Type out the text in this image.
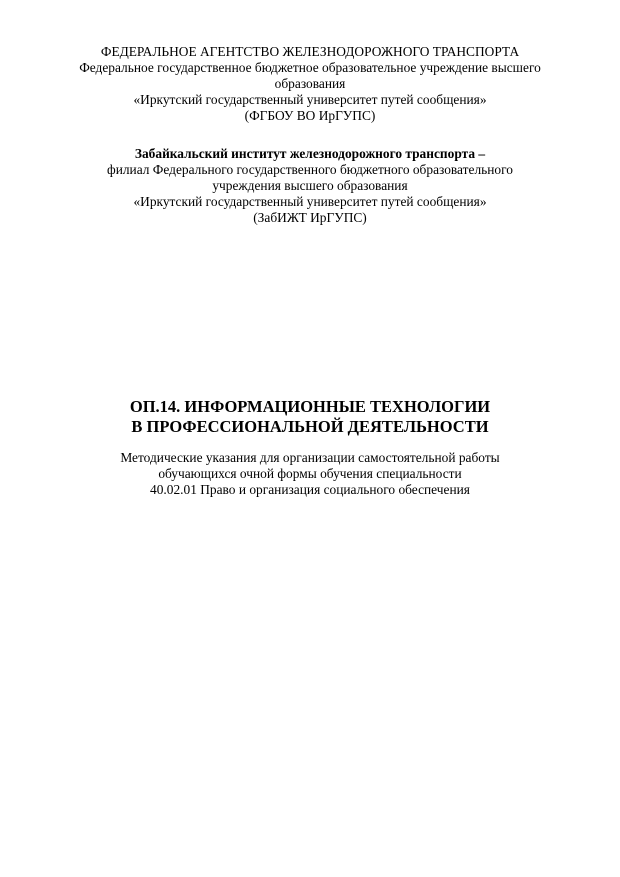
ФЕДЕРАЛЬНОЕ АГЕНТСТВО ЖЕЛЕЗНОДОРОЖНОГО ТРАНСПОРТА
Федеральное государственное бюджетное образовательное учреждение высшего
образования
«Иркутский государственный университет путей сообщения»
(ФГБОУ ВО ИрГУПС)
Забайкальский институт железнодорожного транспорта –
филиал Федерального государственного бюджетного образовательного
учреждения высшего образования
«Иркутский государственный университет путей сообщения»
(ЗабИЖТ ИрГУПС)
ОП.14. ИНФОРМАЦИОННЫЕ ТЕХНОЛОГИИ
В ПРОФЕССИОНАЛЬНОЙ ДЕЯТЕЛЬНОСТИ
Методические указания для организации самостоятельной работы
обучающихся очной формы обучения специальности
40.02.01 Право и организация социального обеспечения
